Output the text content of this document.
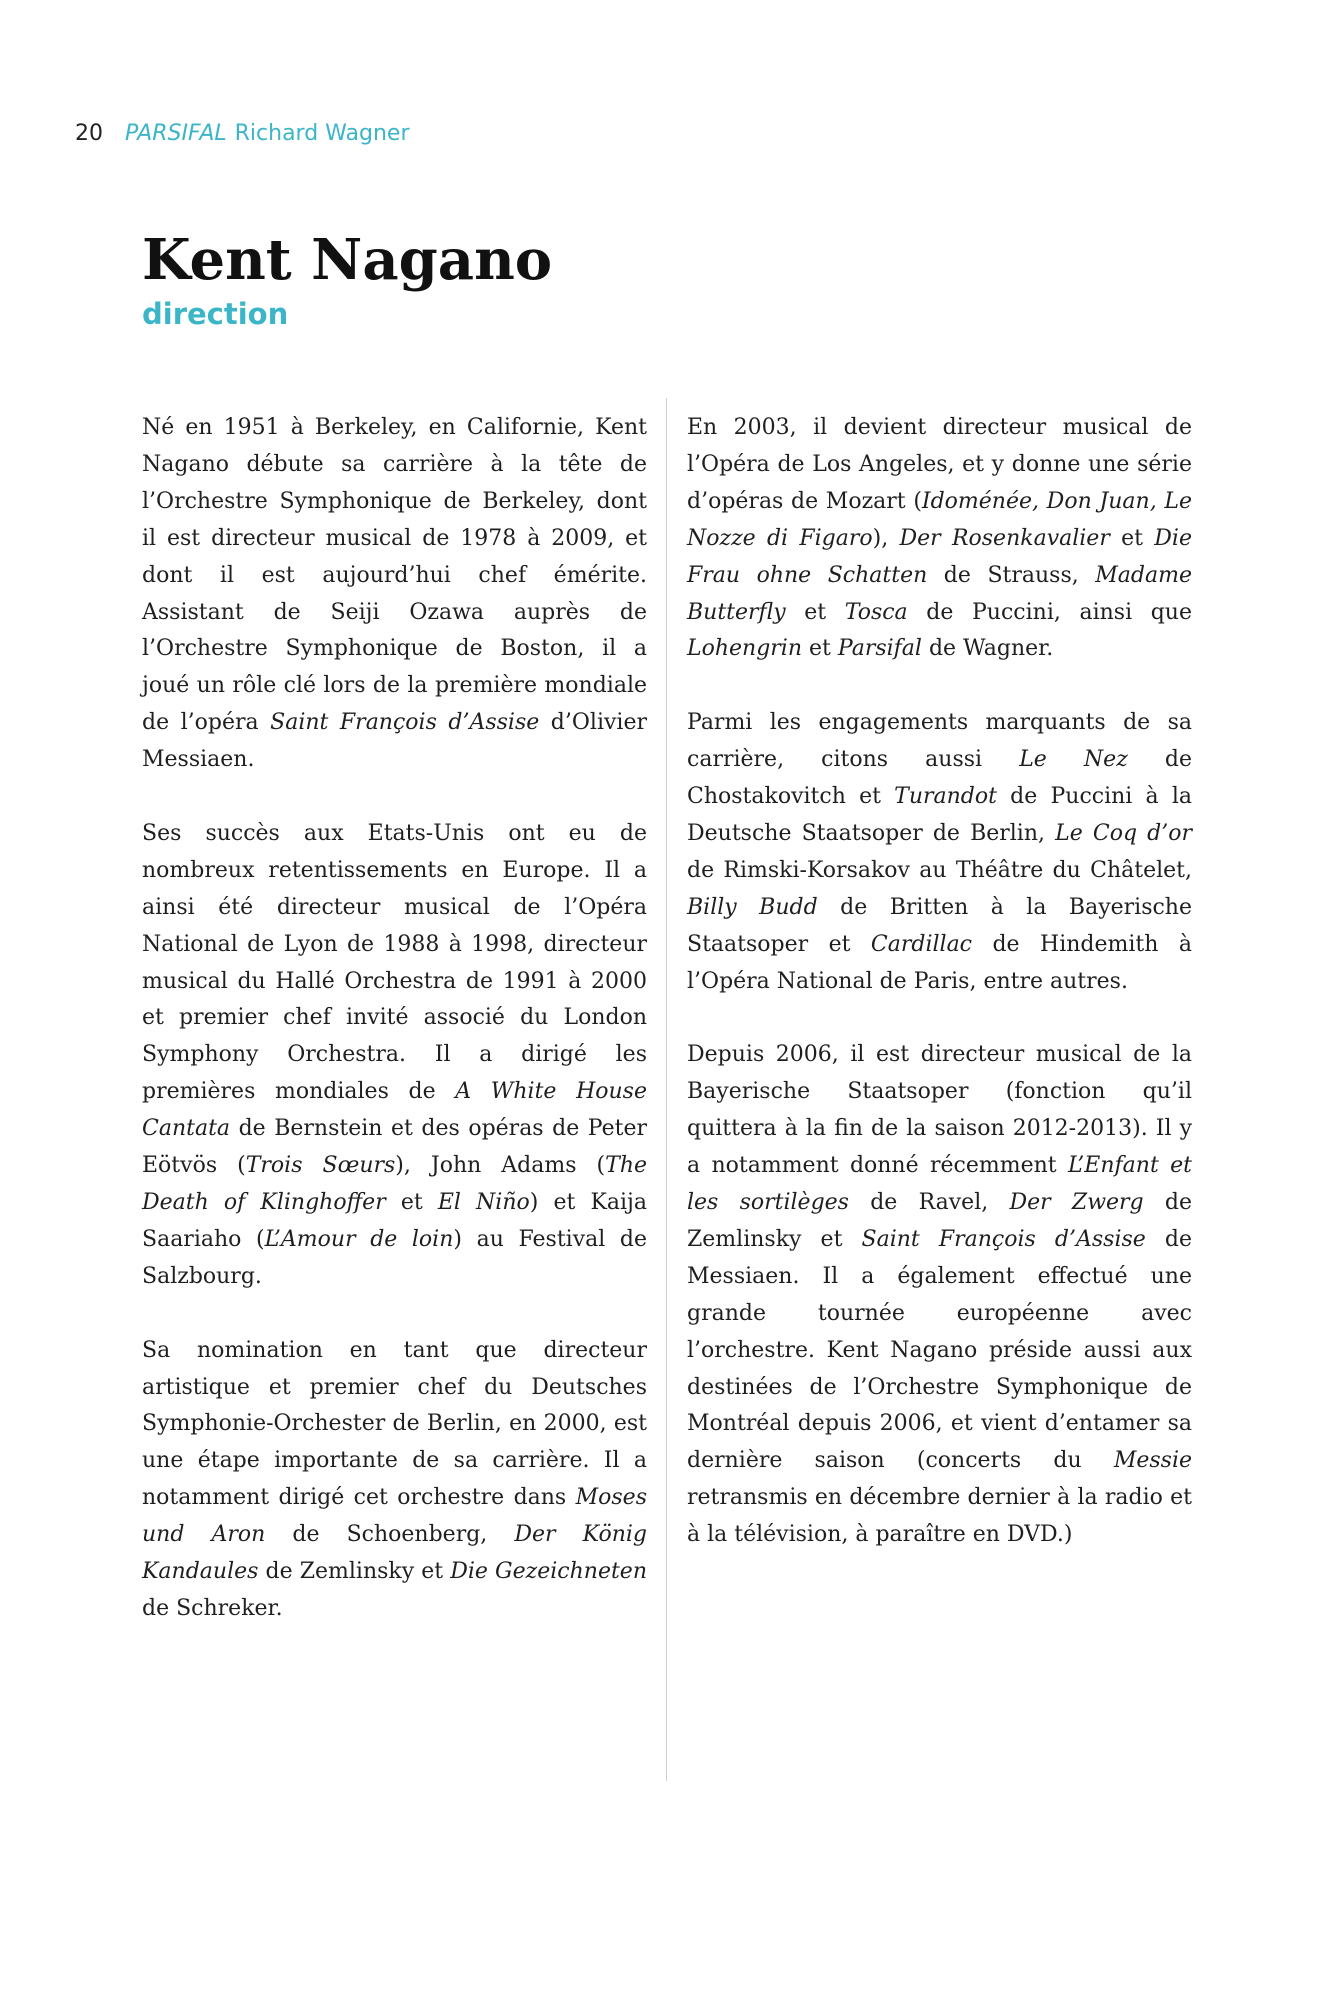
20 PARSIFAL Richard Wagner
Kent Nagano
direction

Né en 1951 à Berkeley, en Californie, Kent Nagano débute sa carrière à la tête de l’Orchestre Symphonique de Berkeley, dont il est directeur musical de 1978 à 2009, et dont il est aujourd’hui chef émérite. Assistant de Seiji Ozawa auprès de l’Orchestre Symphonique de Boston, il a joué un rôle clé lors de la première mondiale de l’opéra Saint François d’Assise d’Olivier Messiaen.

Ses succès aux Etats-Unis ont eu de nombreux retentissements en Europe. Il a ainsi été directeur musical de l’Opéra National de Lyon de 1988 à 1998, directeur musical du Hallé Orchestra de 1991 à 2000 et premier chef invité associé du London Symphony Orchestra. Il a dirigé les premières mondiales de A White House Cantata de Bernstein et des opéras de Peter Eötvös (Trois Sœurs), John Adams (The Death of Klinghoffer et El Niño) et Kaija Saariaho (L’Amour de loin) au Festival de Salzbourg.

Sa nomination en tant que directeur artistique et premier chef du Deutsches Symphonie-Orchester de Berlin, en 2000, est une étape importante de sa carrière. Il a notamment dirigé cet orchestre dans Moses und Aron de Schoenberg, Der König Kandaules de Zemlinsky et Die Gezeichneten de Schreker.

En 2003, il devient directeur musical de l’Opéra de Los Angeles, et y donne une série d’opéras de Mozart (Idoménée, Don Juan, Le Nozze di Figaro), Der Rosenkavalier et Die Frau ohne Schatten de Strauss, Madame Butterfly et Tosca de Puccini, ainsi que Lohengrin et Parsifal de Wagner.

Parmi les engagements marquants de sa carrière, citons aussi Le Nez de Chostakovitch et Turandot de Puccini à la Deutsche Staatsoper de Berlin, Le Coq d’or de Rimski-Korsakov au Théâtre du Châtelet, Billy Budd de Britten à la Bayerische Staatsoper et Cardillac de Hindemith à l’Opéra National de Paris, entre autres.

Depuis 2006, il est directeur musical de la Bayerische Staatsoper (fonction qu’il quittera à la fin de la saison 2012-2013). Il y a notamment donné récemment L’Enfant et les sortilèges de Ravel, Der Zwerg de Zemlinsky et Saint François d’Assise de Messiaen. Il a également effectué une grande tournée européenne avec l’orchestre. Kent Nagano préside aussi aux destinées de l’Orchestre Symphonique de Montréal depuis 2006, et vient d’entamer sa dernière saison (concerts du Messie retransmis en décembre dernier à la radio et à la télévision, à paraître en DVD.)
